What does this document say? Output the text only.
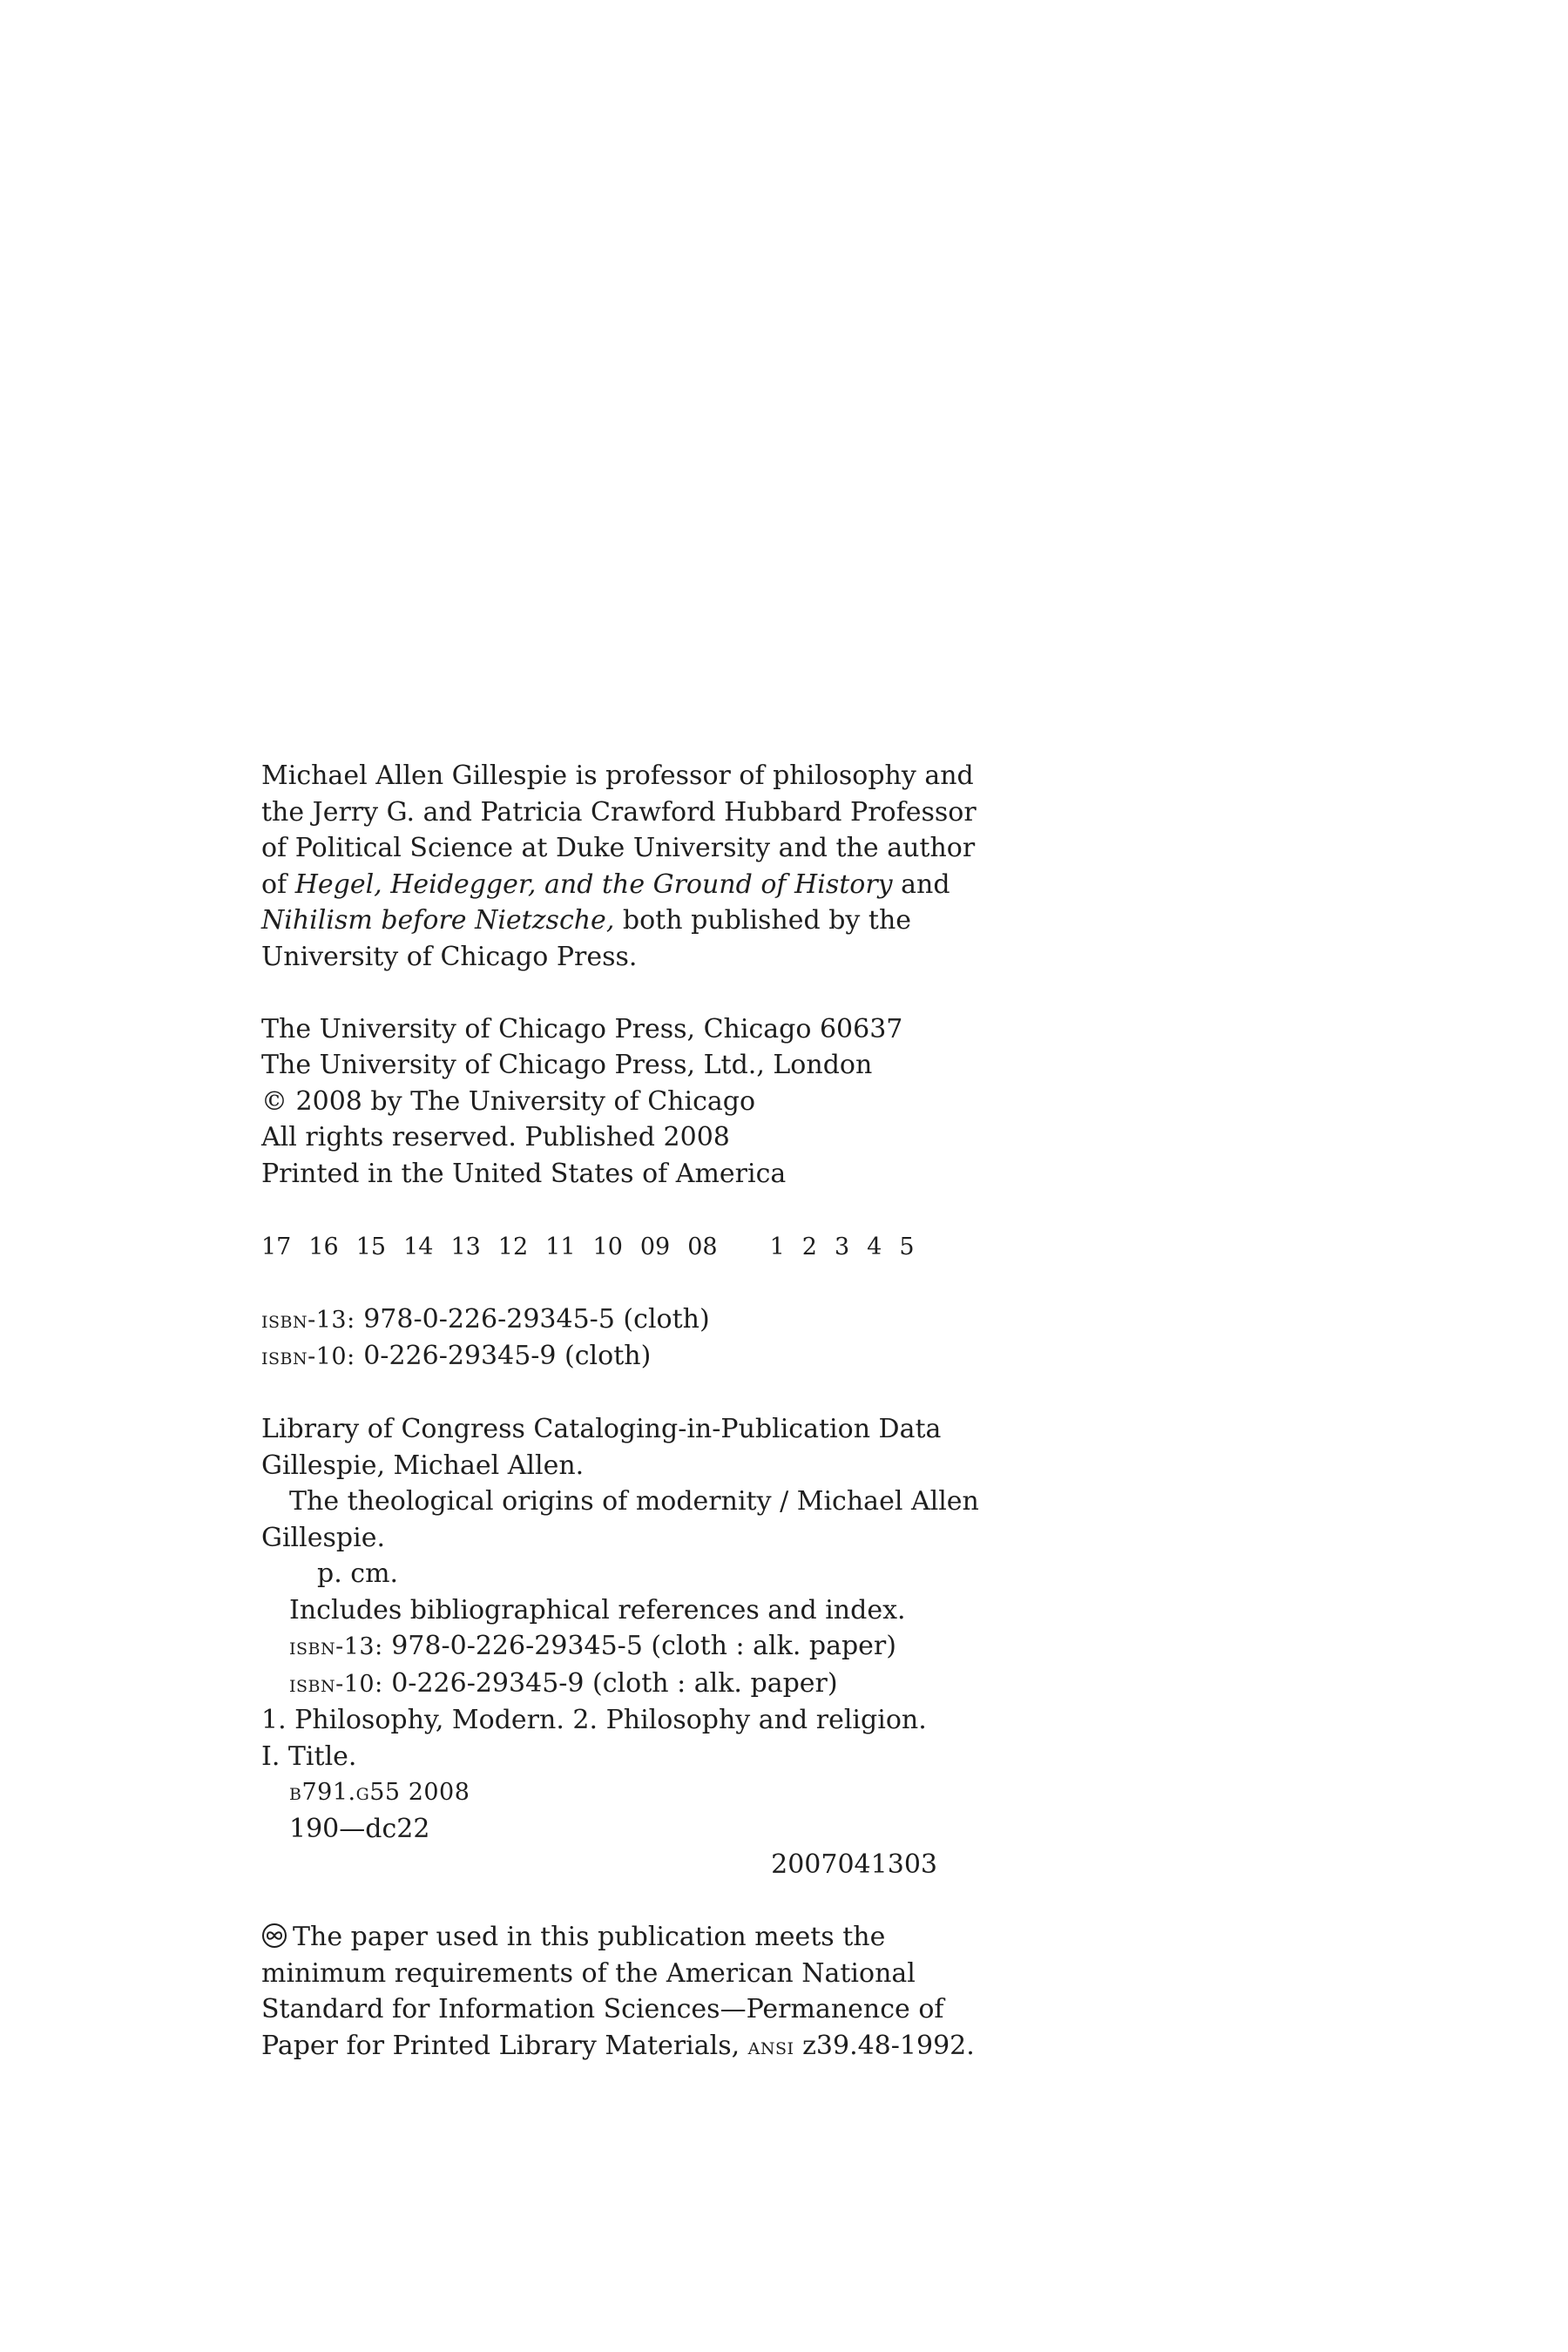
Michael Allen Gillespie is professor of philosophy and
the Jerry G. and Patricia Crawford Hubbard Professor
of Political Science at Duke University and the author
of Hegel, Heidegger, and the Ground of History and
Nihilism before Nietzsche, both published by the
University of Chicago Press.
The University of Chicago Press, Chicago 60637
The University of Chicago Press, Ltd., London
© 2008 by The University of Chicago
All rights reserved. Published 2008
Printed in the United States of America
17 16 15 14 13 12 11 10 09 08 1 2 3 4 5
isbn-13: 978-0-226-29345-5 (cloth)
isbn-10: 0-226-29345-9 (cloth)
Library of Congress Cataloging-in-Publication Data
Gillespie, Michael Allen.
The theological origins of modernity / Michael Allen
Gillespie.
p. cm.
Includes bibliographical references and index.
isbn-13: 978-0-226-29345-5 (cloth : alk. paper)
isbn-10: 0-226-29345-9 (cloth : alk. paper)
1. Philosophy, Modern. 2. Philosophy and religion.
I. Title.
b791.g55 2008
190—dc22
2007041303
The paper used in this publication meets the
minimum requirements of the American National
Standard for Information Sciences—Permanence of
Paper for Printed Library Materials, ansi z39.48-1992.
